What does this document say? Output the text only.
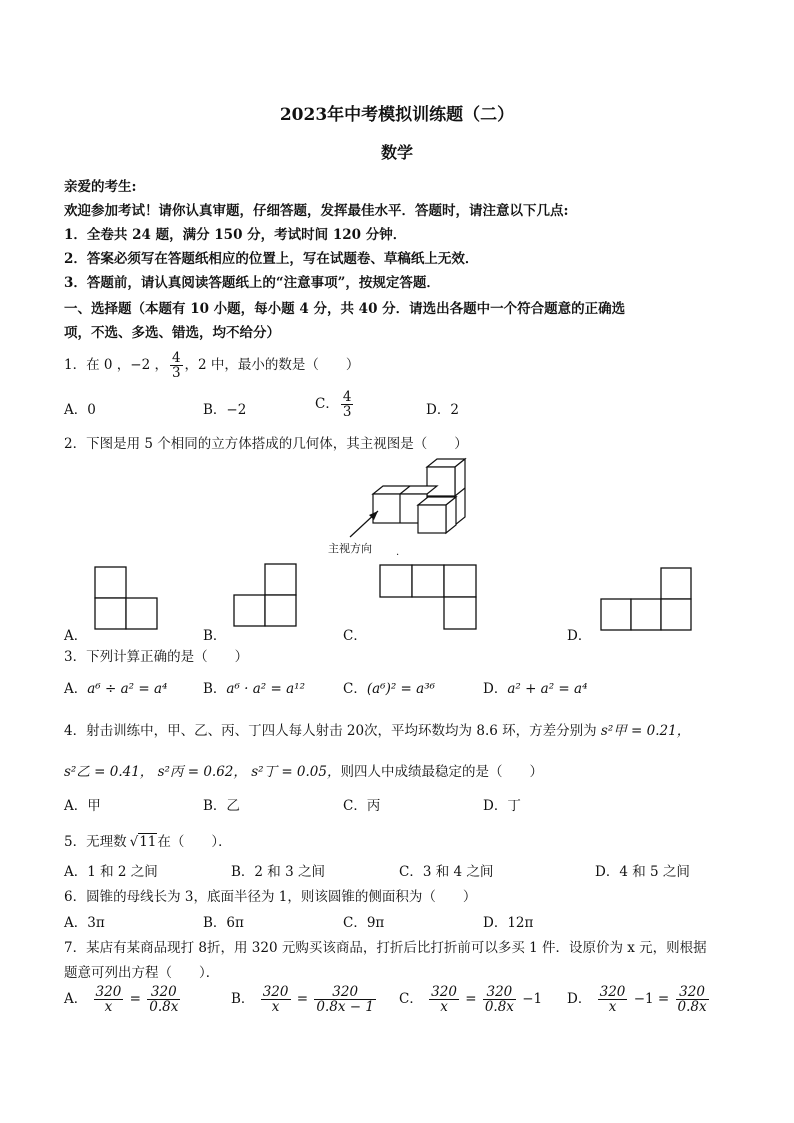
2023年中考模拟训练题（二）
数学
亲爱的考生:
欢迎参加考试！请你认真审题，仔细答题，发挥最佳水平．答题时，请注意以下几点:
1．全卷共 24 题，满分 150 分，考试时间 120 分钟．
2．答案必须写在答题纸相应的位置上，写在试题卷、草稿纸上无效．
3．答题前，请认真阅读答题纸上的“注意事项”，按规定答题．
一、选择题（本题有 10 小题，每小题 4 分，共 40 分．请选出各题中一个符合题意的正确选
项，不选、多选、错选，均不给分）
1．在 0 ，−2 ， $\frac{4}{3}$ ，2 中，最小的数是（　　）
A．0	B．−2	C． $\frac{4}{3}$	D．2
2．下图是用 5 个相同的立方体搭成的几何体，其主视图是（　　）
主视方向 .
A．	B．	C．	D．
3．下列计算正确的是（　　）
A．a⁶ ÷ a² = a⁴	B．a⁶ · a² = a¹²	C．(a⁶)² = a³⁶	D．a² + a² = a⁴
4．射击训练中，甲、乙、丙、丁四人每人射击 20次，平均环数均为 8.6 环，方差分别为 s²甲 = 0.21，
s²乙 = 0.41， s²丙 = 0.62， s²丁 = 0.05，则四人中成绩最稳定的是（　　）
A．甲	B．乙	C．丙	D．丁
5．无理数 √11在（　　）．
A．1 和 2 之间	B．2 和 3 之间	C．3 和 4 之间	D．4 和 5 之间
6．圆锥的母线长为 3，底面半径为 1，则该圆锥的侧面积为（　　）
A．3π	B．6π	C．9π	D．12π
7．某店有某商品现打 8折，用 320 元购买该商品，打折后比打折前可以多买 1 件．设原价为 x 元，则根据
题意可列出方程（　　）．
A． $\frac{320}{x} = \frac{320}{0.8x}$	B． $\frac{320}{x} = \frac{320}{0.8x - 1}$ C． $\frac{320}{x} = \frac{320}{0.8x} -1$ D． $\frac{320}{x} -1 = \frac{320}{0.8x}$
